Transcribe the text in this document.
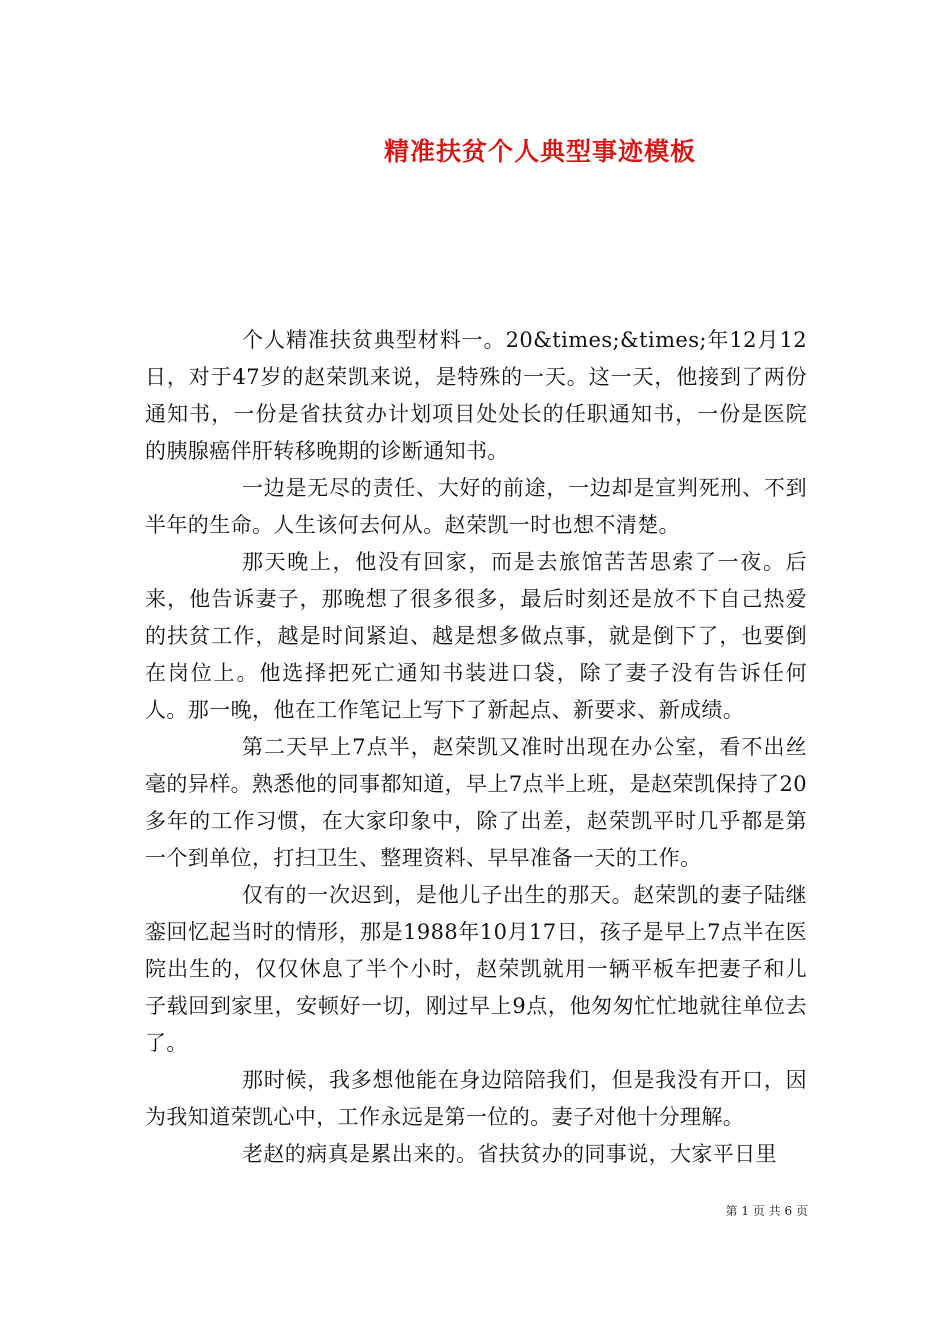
精准扶贫个人典型事迹模板

个人精准扶贫典型材料一。20&times;&times;年12月12日，对于47岁的赵荣凯来说，是特殊的一天。这一天，他接到了两份通知书，一份是省扶贫办计划项目处处长的任职通知书，一份是医院的胰腺癌伴肝转移晚期的诊断通知书。

一边是无尽的责任、大好的前途，一边却是宣判死刑、不到半年的生命。人生该何去何从。赵荣凯一时也想不清楚。

那天晚上，他没有回家，而是去旅馆苦苦思索了一夜。后来，他告诉妻子，那晚想了很多很多，最后时刻还是放不下自己热爱的扶贫工作，越是时间紧迫、越是想多做点事，就是倒下了，也要倒在岗位上。他选择把死亡通知书装进口袋，除了妻子没有告诉任何人。那一晚，他在工作笔记上写下了新起点、新要求、新成绩。

第二天早上7点半，赵荣凯又准时出现在办公室，看不出丝毫的异样。熟悉他的同事都知道，早上7点半上班，是赵荣凯保持了20多年的工作习惯，在大家印象中，除了出差，赵荣凯平时几乎都是第一个到单位，打扫卫生、整理资料、早早准备一天的工作。

仅有的一次迟到，是他儿子出生的那天。赵荣凯的妻子陆继銮回忆起当时的情形，那是1988年10月17日，孩子是早上7点半在医院出生的，仅仅休息了半个小时，赵荣凯就用一辆平板车把妻子和儿子载回到家里，安顿好一切，刚过早上9点，他匆匆忙忙地就往单位去了。

那时候，我多想他能在身边陪陪我们，但是我没有开口，因为我知道荣凯心中，工作永远是第一位的。妻子对他十分理解。

老赵的病真是累出来的。省扶贫办的同事说，大家平日里

第 1 页 共 6 页
